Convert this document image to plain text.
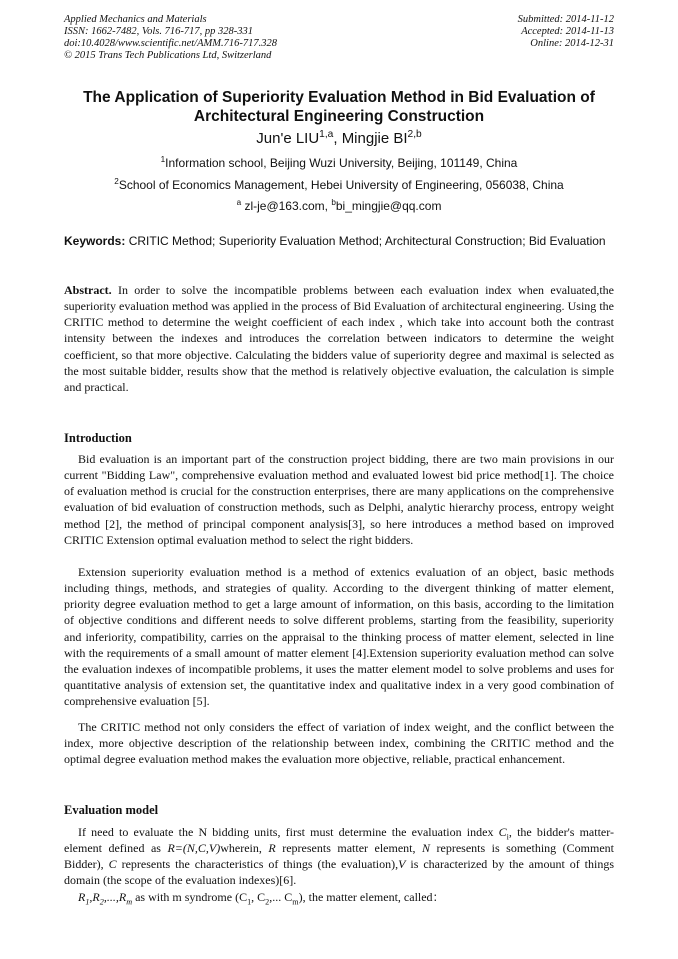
Applied Mechanics and Materials
ISSN: 1662-7482, Vols. 716-717, pp 328-331
doi:10.4028/www.scientific.net/AMM.716-717.328
© 2015 Trans Tech Publications Ltd, Switzerland
Submitted: 2014-11-12
Accepted: 2014-11-13
Online: 2014-12-31
The Application of Superiority Evaluation Method in Bid Evaluation of
Architectural Engineering Construction
Jun'e LIU$^{1,a}$, Mingjie BI$^{2,b}$
$^1$Information school, Beijing Wuzi University, Beijing, 101149, China
$^2$School of Economics Management, Hebei University of Engineering, 056038, China
$^a$ zl-je@163.com, $^b$bi_mingjie@qq.com
Keywords: CRITIC Method; Superiority Evaluation Method; Architectural Construction; Bid Evaluation
Abstract. In order to solve the incompatible problems between each evaluation index when evaluated,the superiority evaluation method was applied in the process of Bid Evaluation of architectural engineering. Using the CRITIC method to determine the weight coefficient of each index , which take into account both the contrast intensity between the indexes and introduces the correlation between indicators to determine the weight coefficient, so that more objective. Calculating the bidders value of superiority degree and maximal is selected as the most suitable bidder, results show that the method is relatively objective evaluation, the calculation is simple and practical.
Introduction
Bid evaluation is an important part of the construction project bidding, there are two main provisions in our current "Bidding Law", comprehensive evaluation method and evaluated lowest bid price method[1]. The choice of evaluation method is crucial for the construction enterprises, there are many applications on the comprehensive evaluation of bid evaluation of construction methods, such as Delphi, analytic hierarchy process, entropy weight method [2], the method of principal component analysis[3], so here introduces a method based on improved CRITIC Extension optimal evaluation method to select the right bidders.
Extension superiority evaluation method is a method of extenics evaluation of an object, basic methods including things, methods, and strategies of quality. According to the divergent thinking of matter element, priority degree evaluation method to get a large amount of information, on this basis, according to the limitation of objective conditions and different needs to solve different problems, starting from the feasibility, superiority and inferiority, compatibility, carries on the appraisal to the thinking process of matter element, selected in line with the requirements of a small amount of matter element [4].Extension superiority evaluation method can solve the evaluation indexes of incompatible problems, it uses the matter element model to solve problems and uses for quantitative analysis of extension set, the quantitative index and qualitative index in a very good combination of comprehensive evaluation [5].
The CRITIC method not only considers the effect of variation of index weight, and the conflict between the index, more objective description of the relationship between index, combining the CRITIC method and the optimal degree evaluation method makes the evaluation more objective, reliable, practical enhancement.
Evaluation model
If need to evaluate the N bidding units, first must determine the evaluation index $C_i$, the bidder's matter-element defined as R=(N,C,V)wherein, R represents matter element, N represents is something (Comment Bidder), C represents the characteristics of things (the evaluation),V is characterized by the amount of things domain (the scope of the evaluation indexes)[6].
$R_1,R_2,...,R_m$ as with m syndrome ($C_1$, $C_2$,... $C_m$), the matter element, called：
